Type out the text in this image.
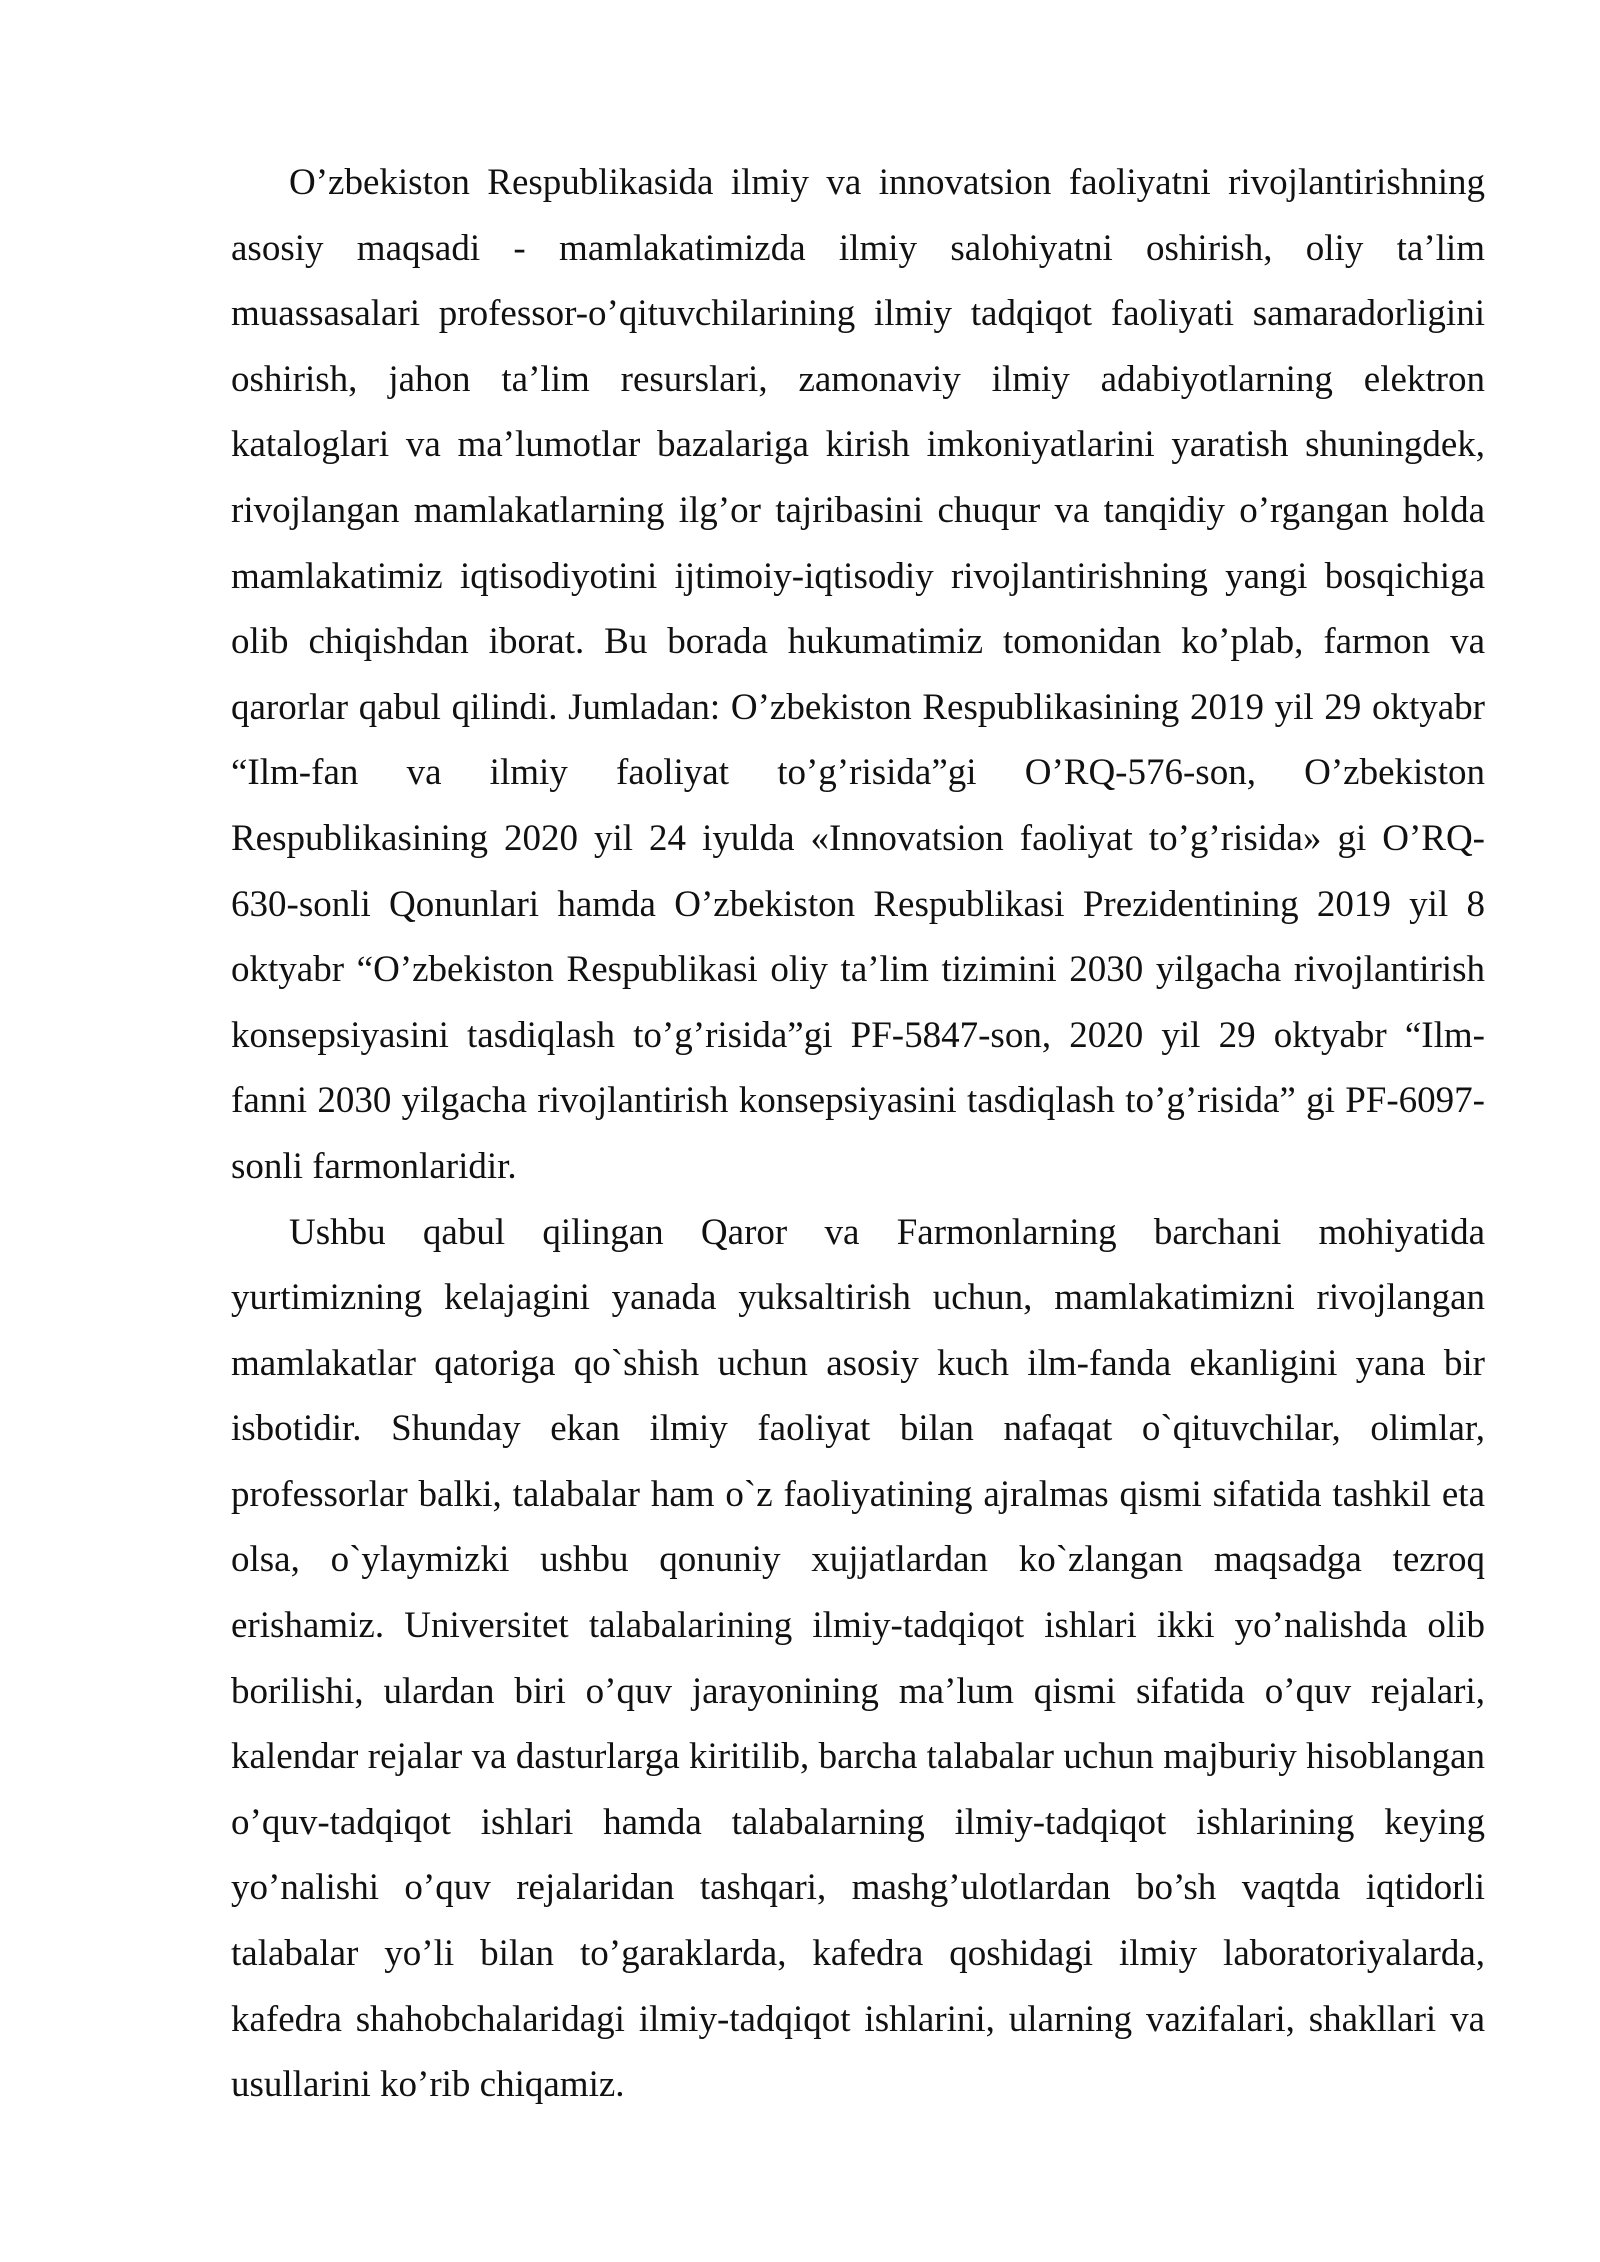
O’zbekiston Respublikasida ilmiy va innovatsion faoliyatni rivojlantirishning asosiy maqsadi - mamlakatimizda ilmiy salohiyatni oshirish, oliy ta’lim muassasalari professor-o’qituvchilarining ilmiy tadqiqot faoliyati samaradorligini oshirish, jahon ta’lim resurslari, zamonaviy ilmiy adabiyotlarning elektron kataloglari va ma’lumotlar bazalariga kirish imkoniyatlarini yaratish shuningdek, rivojlangan mamlakatlarning ilg’or tajribasini chuqur va tanqidiy o’rgangan holda mamlakatimiz iqtisodiyotini ijtimoiy-iqtisodiy rivojlantirishning yangi bosqichiga olib chiqishdan iborat. Bu borada hukumatimiz tomonidan ko’plab, farmon va qarorlar qabul qilindi. Jumladan: O’zbekiston Respublikasining 2019 yil 29 oktyabr “Ilm-fan va ilmiy faoliyat to’g’risida”gi O’RQ-576-son, O’zbekiston Respublikasining 2020 yil 24 iyulda «Innovatsion faoliyat to’g’risida» gi O’RQ-630-sonli Qonunlari hamda O’zbekiston Respublikasi Prezidentining 2019 yil 8 oktyabr “O’zbekiston Respublikasi oliy ta’lim tizimini 2030 yilgacha rivojlantirish konsepsiyasini tasdiqlash to’g’risida”gi PF-5847-son, 2020 yil 29 oktyabr “Ilm-fanni 2030 yilgacha rivojlantirish konsepsiyasini tasdiqlash to’g’risida” gi PF-6097-sonli farmonlaridir.

Ushbu qabul qilingan Qaror va Farmonlarning barchani mohiyatida yurtimizning kelajagini yanada yuksaltirish uchun, mamlakatimizni rivojlangan mamlakatlar qatoriga qo`shish uchun asosiy kuch ilm-fanda ekanligini yana bir isbotidir. Shunday ekan ilmiy faoliyat bilan nafaqat o`qituvchilar, olimlar, professorlar balki, talabalar ham o`z faoliyatining ajralmas qismi sifatida tashkil eta olsa, o`ylaymizki ushbu qonuniy xujjatlardan ko`zlangan maqsadga tezroq erishamiz. Universitet talabalarining ilmiy-tadqiqot ishlari ikki yo’nalishda olib borilishi, ulardan biri o’quv jarayonining ma’lum qismi sifatida o’quv rejalari, kalendar rejalar va dasturlarga kiritilib, barcha talabalar uchun majburiy hisoblangan o’quv-tadqiqot ishlari hamda talabalarning ilmiy-tadqiqot ishlarining keying yo’nalishi o’quv rejalaridan tashqari, mashg’ulotlardan bo’sh vaqtda iqtidorli talabalar yo’li bilan to’garaklarda, kafedra qoshidagi ilmiy laboratoriyalarda, kafedra shahobchalaridagi ilmiy-tadqiqot ishlarini, ularning vazifalari, shakllari va usullarini ko’rib chiqamiz.
